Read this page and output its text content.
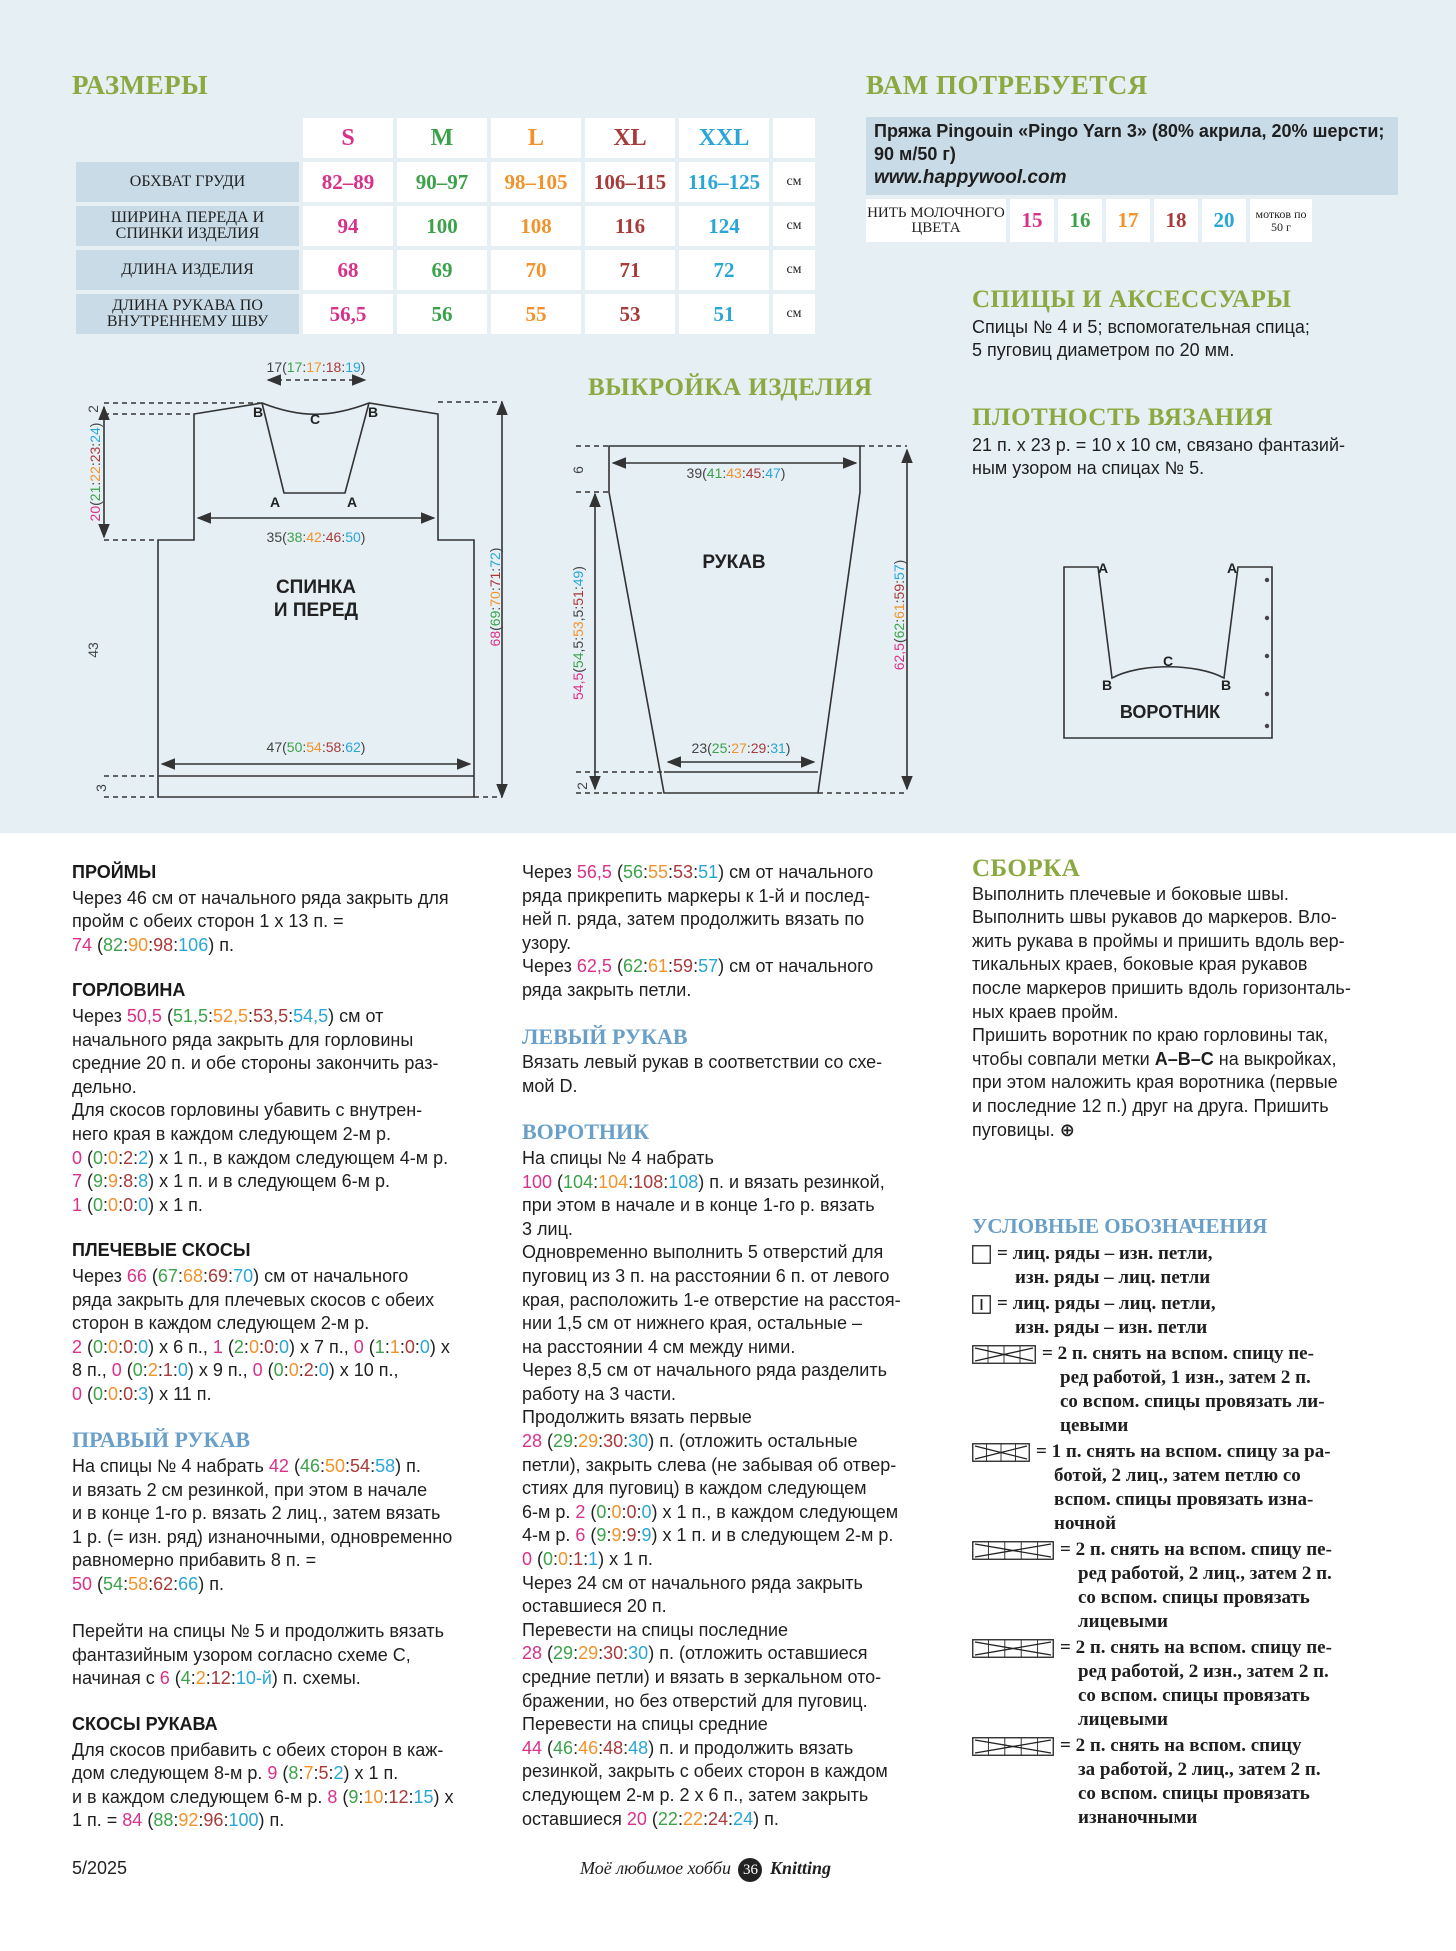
РАЗМЕРЫ
	S	M	L	XL	XXL	
ОБХВАТ ГРУДИ	82–89	90–97	98–105	106–115	116–125	см
ШИРИНА ПЕРЕДА И СПИНКИ ИЗДЕЛИЯ	94	100	108	116	124	см
ДЛИНА ИЗДЕЛИЯ	68	69	70	71	72	см
ДЛИНА РУКАВА ПО ВНУТРЕННЕМУ ШВУ	56,5	56	55	53	51	см
ВАМ ПОТРЕБУЕТСЯ
Пряжа Pingouin «Pingo Yarn 3» (80% акрила, 20% шерсти; 90 м/50 г)
www.happywool.com
НИТЬ МОЛОЧНОГО ЦВЕТА	15	16	17	18	20	мотков по 50 г
СПИЦЫ И АКСЕССУАРЫ
Спицы № 4 и 5; вспомогательная спица;
5 пуговиц диаметром по 20 мм.
ПЛОТНОСТЬ ВЯЗАНИЯ
21 п. х 23 р. = 10 х 10 см, связано фантазий-
ным узором на спицах № 5.
ВЫКРОЙКА ИЗДЕЛИЯ
СПИНКА
И ПЕРЕД
РУКАВ
ВОРОТНИК
В	В
С
А	А
А	А
В	В
С
43
2
3
6
2
17(17:17:18:19)
35(38:42:46:50)
47(50:54:58:62)
20(21:22:23:24)
68(69:70:71:72)
39(41:43:45:47)
23(25:27:29:31)
54,5(54,5:53,5:51:49)
62,5(62:61:59:57)
ПРОЙМЫ
Через 46 см от начального ряда закрыть для
пройм с обеих сторон 1 х 13 п. =
74 (82:90:98:106) п.
ГОРЛОВИНА
Через 50,5 (51,5:52,5:53,5:54,5) см от
начального ряда закрыть для горловины
средние 20 п. и обе стороны закончить раз-
дельно.
Для скосов горловины убавить с внутрен-
него края в каждом следующем 2-м р.
0 (0:0:2:2) х 1 п., в каждом следующем 4-м р.
7 (9:9:8:8) х 1 п. и в следующем 6-м р.
1 (0:0:0:0) х 1 п.
ПЛЕЧЕВЫЕ СКОСЫ
Через 66 (67:68:69:70) см от начального
ряда закрыть для плечевых скосов с обеих
сторон в каждом следующем 2-м р.
2 (0:0:0:0) х 6 п., 1 (2:0:0:0) х 7 п., 0 (1:1:0:0) х
8 п., 0 (0:2:1:0) х 9 п., 0 (0:0:2:0) х 10 п.,
0 (0:0:0:3) х 11 п.
ПРАВЫЙ РУКАВ
На спицы № 4 набрать 42 (46:50:54:58) п.
и вязать 2 см резинкой, при этом в начале
и в конце 1-го р. вязать 2 лиц., затем вязать
1 р. (= изн. ряд) изнаночными, одновременно
равномерно прибавить 8 п. =
50 (54:58:62:66) п.

Перейти на спицы № 5 и продолжить вязать
фантазийным узором согласно схеме С,
начиная с 6 (4:2:12:10-й) п. схемы.
СКОСЫ РУКАВА
Для скосов прибавить с обеих сторон в каж-
дом следующем 8-м р. 9 (8:7:5:2) х 1 п.
и в каждом следующем 6-м р. 8 (9:10:12:15) х
1 п. = 84 (88:92:96:100) п.
Через 56,5 (56:55:53:51) см от начального
ряда прикрепить маркеры к 1-й и послед-
ней п. ряда, затем продолжить вязать по
узору.
Через 62,5 (62:61:59:57) см от начального
ряда закрыть петли.
ЛЕВЫЙ РУКАВ
Вязать левый рукав в соответствии со схе-
мой D.
ВОРОТНИК
На спицы № 4 набрать
100 (104:104:108:108) п. и вязать резинкой,
при этом в начале и в конце 1-го р. вязать
3 лиц.
Одновременно выполнить 5 отверстий для
пуговиц из 3 п. на расстоянии 6 п. от левого
края, расположить 1-е отверстие на расстоя-
нии 1,5 см от нижнего края, остальные –
на расстоянии 4 см между ними.
Через 8,5 см от начального ряда разделить
работу на 3 части.
Продолжить вязать первые
28 (29:29:30:30) п. (отложить остальные
петли), закрыть слева (не забывая об отвер-
стиях для пуговиц) в каждом следующем
6-м р. 2 (0:0:0:0) х 1 п., в каждом следующем
4-м р. 6 (9:9:9:9) х 1 п. и в следующем 2-м р.
0 (0:0:1:1) х 1 п.
Через 24 см от начального ряда закрыть
оставшиеся 20 п.
Перевести на спицы последние
28 (29:29:30:30) п. (отложить оставшиеся
средние петли) и вязать в зеркальном ото-
бражении, но без отверстий для пуговиц.
Перевести на спицы средние
44 (46:46:48:48) п. и продолжить вязать
резинкой, закрыть с обеих сторон в каждом
следующем 2-м р. 2 х 6 п., затем закрыть
оставшиеся 20 (22:22:24:24) п.
СБОРКА
Выполнить плечевые и боковые швы.
Выполнить швы рукавов до маркеров. Вло-
жить рукава в проймы и пришить вдоль вер-
тикальных краев, боковые края рукавов
после маркеров пришить вдоль горизонталь-
ных краев пройм.
Пришить воротник по краю горловины так,
чтобы совпали метки А–В–С на выкройках,
при этом наложить края воротника (первые
и последние 12 п.) друг на друга. Пришить
пуговицы. ⊕
УСЛОВНЫЕ ОБОЗНАЧЕНИЯ
= лиц. ряды – изн. петли,
изн. ряды – лиц. петли
= лиц. ряды – лиц. петли,
изн. ряды – изн. петли
= 2 п. снять на вспом. спицу пе-
ред работой, 1 изн., затем 2 п.
со вспом. спицы провязать ли-
цевыми
= 1 п. снять на вспом. спицу за ра-
ботой, 2 лиц., затем петлю со
вспом. спицы провязать изна-
ночной
= 2 п. снять на вспом. спицу пе-
ред работой, 2 лиц., затем 2 п.
со вспом. спицы провязать
лицевыми
= 2 п. снять на вспом. спицу пе-
ред работой, 2 изн., затем 2 п.
со вспом. спицы провязать
лицевыми
= 2 п. снять на вспом. спицу
за работой, 2 лиц., затем 2 п.
со вспом. спицы провязать
изнаночными
5/2025	Моё любимое хобби 36 Knitting
